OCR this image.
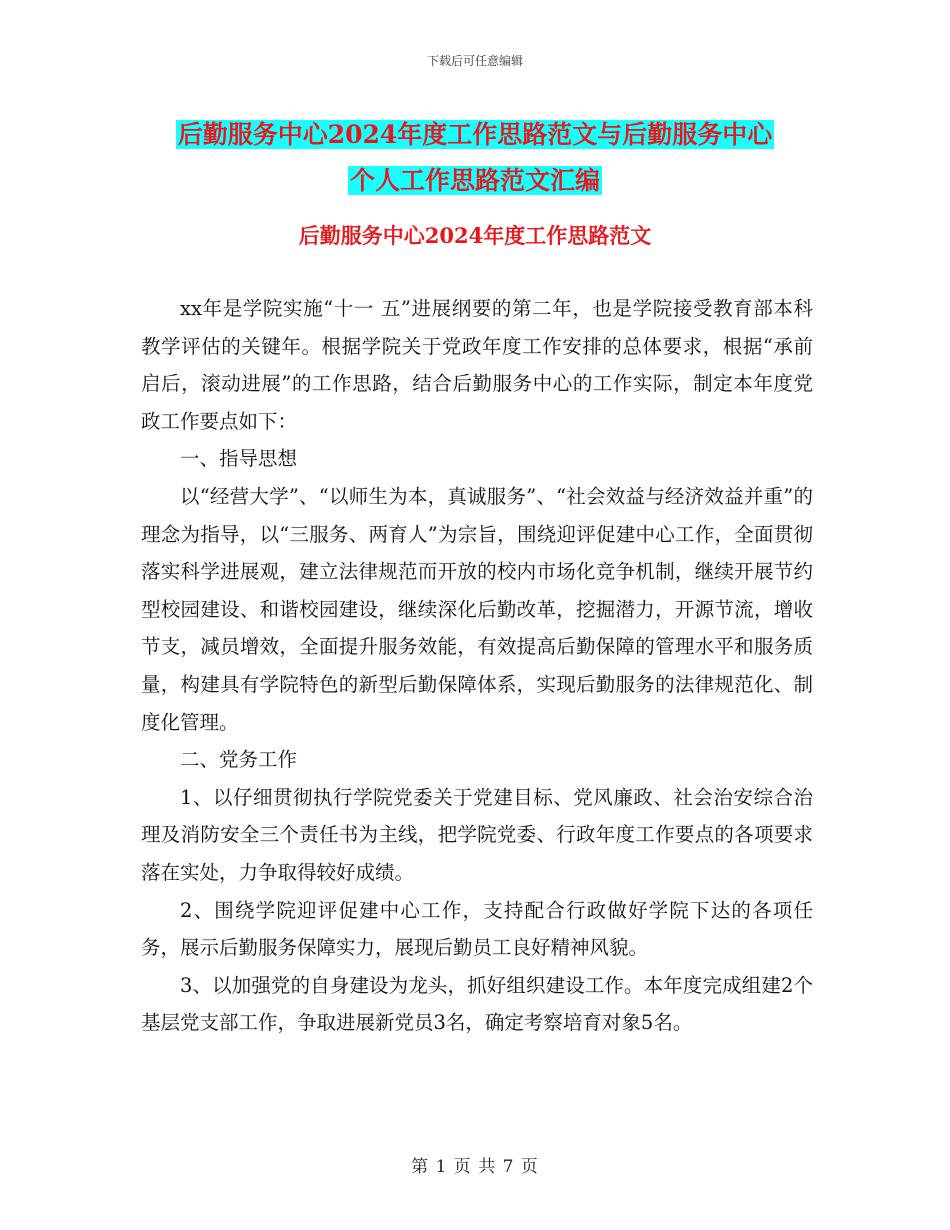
下载后可任意编辑
后勤服务中心2024年度工作思路范文与后勤服务中心
个人工作思路范文汇编
后勤服务中心2024年度工作思路范文

xx年是学院实施“十一 五”进展纲要的第二年，也是学院接受教育部本科教学评估的关键年。根据学院关于党政年度工作安排的总体要求，根据“承前启后，滚动进展”的工作思路，结合后勤服务中心的工作实际，制定本年度党政工作要点如下：

一、指导思想

以“经营大学”、“以师生为本，真诚服务”、“社会效益与经济效益并重”的理念为指导，以“三服务、两育人”为宗旨，围绕迎评促建中心工作，全面贯彻落实科学进展观，建立法律规范而开放的校内市场化竞争机制，继续开展节约型校园建设、和谐校园建设，继续深化后勤改革，挖掘潜力，开源节流，增收节支，减员增效，全面提升服务效能，有效提高后勤保障的管理水平和服务质量，构建具有学院特色的新型后勤保障体系，实现后勤服务的法律规范化、制度化管理。

二、党务工作

1、以仔细贯彻执行学院党委关于党建目标、党风廉政、社会治安综合治理及消防安全三个责任书为主线，把学院党委、行政年度工作要点的各项要求落在实处，力争取得较好成绩。

2、围绕学院迎评促建中心工作，支持配合行政做好学院下达的各项任务，展示后勤服务保障实力，展现后勤员工良好精神风貌。

3、以加强党的自身建设为龙头，抓好组织建设工作。本年度完成组建2个基层党支部工作，争取进展新党员3名，确定考察培育对象5名。

第 1 页 共 7 页
